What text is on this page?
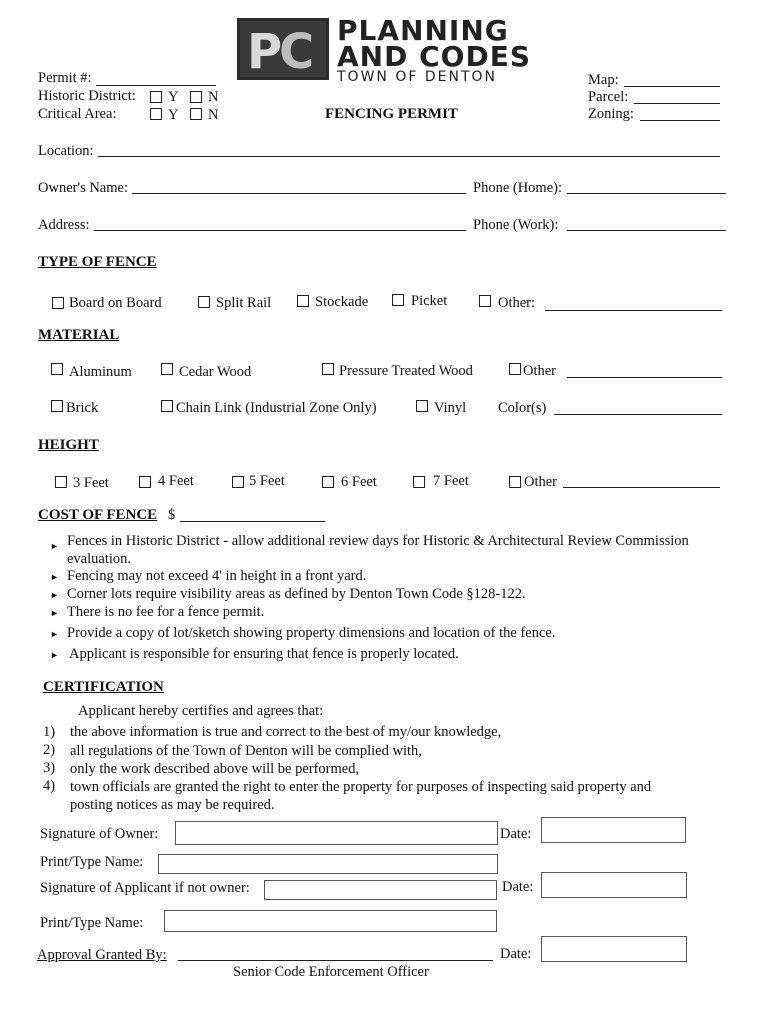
P
C PLANNING
AND CODES
TOWN OF DENTON
Permit #:
Historic District: Y N
Critical Area:	Y N	FENCING PERMIT
Map:
Parcel:
Zoning:
Location:
Owner's Name:	Phone (Home):
Address:	Phone (Work):
TYPE OF FENCE
Board on Board	Split Rail	Stockade	Picket	Other:
MATERIAL
Aluminum	Cedar Wood	Pressure Treated Wood	Other
Brick	Chain Link (Industrial Zone Only)	Vinyl Color(s)
HEIGHT
3 Feet	4 Feet	5 Feet	6 Feet	7 Feet	Other
COST OF FENCE $
► Fences in Historic District - allow additional review days for Historic & Architectural Review Commission
evaluation.
► Fencing may not exceed 4' in height in a front yard.
► Corner lots require visibility areas as defined by Denton Town Code §128-122.
► There is no fee for a fence permit.
► Provide a copy of lot/sketch showing property dimensions and location of the fence.
► Applicant is responsible for ensuring that fence is properly located.
CERTIFICATION
Applicant hereby certifies and agrees that:
1) the above information is true and correct to the best of my/our knowledge,
2) all regulations of the Town of Denton will be complied with,
3) only the work described above will be performed,
4) town officials are granted the right to enter the property for purposes of inspecting said property and
posting notices as may be required.
Signature of Owner:	Date:
Print/Type Name:
Signature of Applicant if not owner:	Date:
Print/Type Name:
Approval Granted By:	Date:
Senior Code Enforcement Officer
